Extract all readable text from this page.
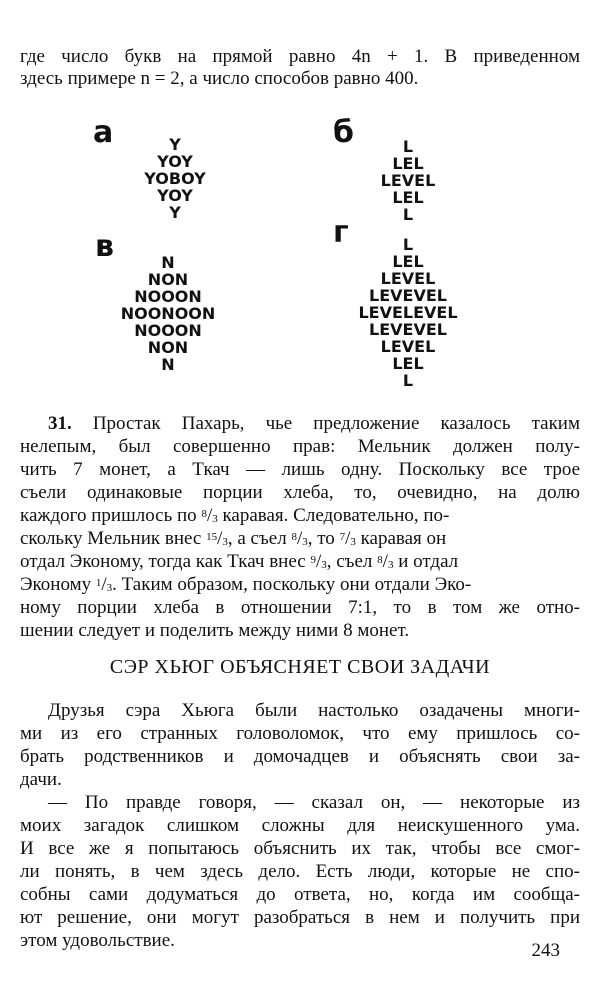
где число букв на прямой равно 4n + 1. В приведенном
здесь примере n = 2, а число способов равно 400.
а	Y
YOY
YOBOY
YOY
Y
б	L
LEL
LEVEL
LEL
L
в	N
NON
NOOON
NOONOON
NOOON
NON
N
г	L
LEL
LEVEL
LEVEVEL
LEVELEVEL
LEVEVEL
LEVEL
LEL
L
31. Простак Пахарь, чье предложение казалось таким
нелепым, был совершенно прав: Мельник должен полу-
чить 7 монет, а Ткач — лишь одну. Поскольку все трое
съели одинаковые порции хлеба, то, очевидно, на долю
каждого пришлось по $^8/_3$ каравая. Следовательно, по-
скольку Мельник внес $^{15}/_3$, а съел $^8/_3$, то $^7/_3$ каравая он
отдал Эконому, тогда как Ткач внес $^9/_3$, съел $^8/_3$ и отдал
Эконому $^1/_3$. Таким образом, поскольку они отдали Эко-
ному порции хлеба в отношении 7:1, то в том же отно-
шении следует и поделить между ними 8 монет.
СЭР ХЬЮГ ОБЪЯСНЯЕТ СВОИ ЗАДАЧИ
Друзья сэра Хьюга были настолько озадачены многи-
ми из его странных головоломок, что ему пришлось со-
брать родственников и домочадцев и объяснять свои за-
дачи.
— По правде говоря, — сказал он, — некоторые из
моих загадок слишком сложны для неискушенного ума.
И все же я попытаюсь объяснить их так, чтобы все смог-
ли понять, в чем здесь дело. Есть люди, которые не спо-
собны сами додуматься до ответа, но, когда им сообща-
ют решение, они могут разобраться в нем и получить при
этом удовольствие.	243
